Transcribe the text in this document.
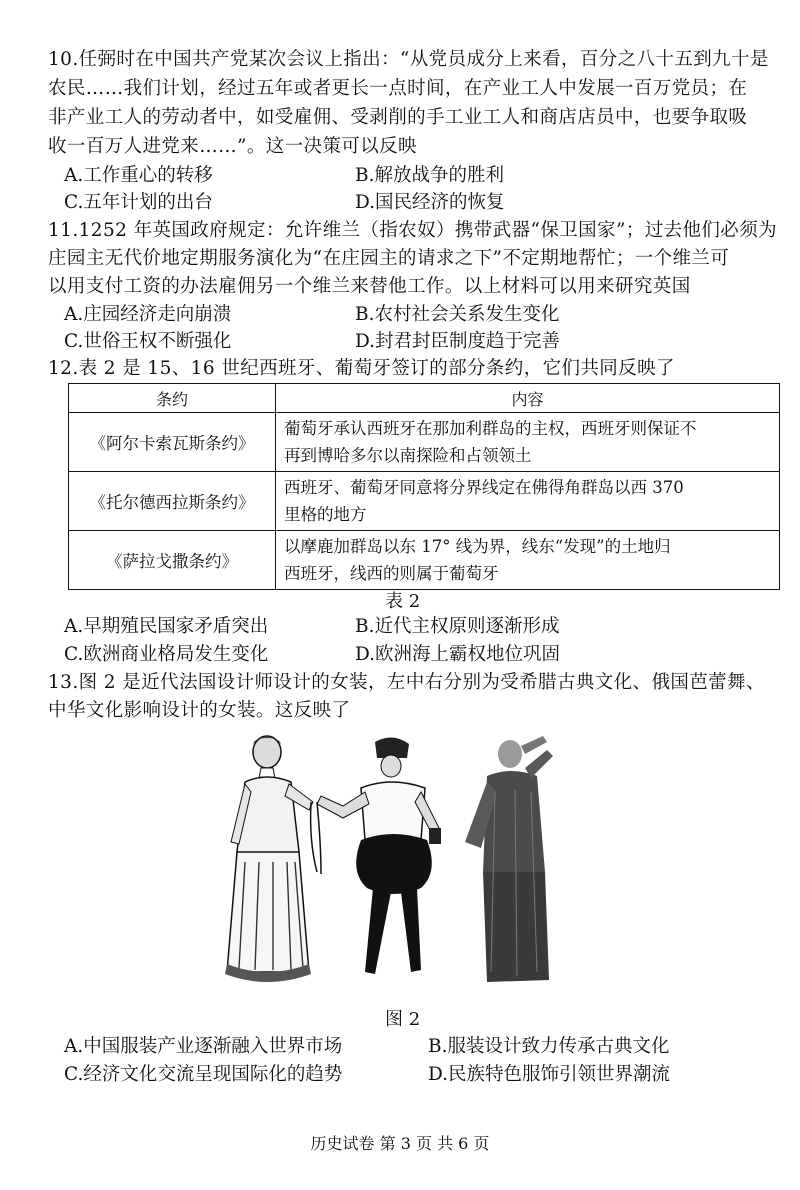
10.任弼时在中国共产党某次会议上指出：“从党员成分上来看，百分之八十五到九十是
农民……我们计划，经过五年或者更长一点时间，在产业工人中发展一百万党员；在
非产业工人的劳动者中，如受雇佣、受剥削的手工业工人和商店店员中，也要争取吸
收一百万人进党来……”。这一决策可以反映
A.工作重心的转移	B.解放战争的胜利
C.五年计划的出台	D.国民经济的恢复
11.1252 年英国政府规定：允许维兰（指农奴）携带武器“保卫国家”；过去他们必须为
庄园主无代价地定期服务演化为“在庄园主的请求之下”不定期地帮忙；一个维兰可
以用支付工资的办法雇佣另一个维兰来替他工作。以上材料可以用来研究英国
A.庄园经济走向崩溃	B.农村社会关系发生变化
C.世俗王权不断强化	D.封君封臣制度趋于完善
12.表 2 是 15、16 世纪西班牙、葡萄牙签订的部分条约，它们共同反映了
条约	内容
《阿尔卡索瓦斯条约》	葡萄牙承认西班牙在那加利群岛的主权，西班牙则保证不
再到博哈多尔以南探险和占领领土

《托尔德西拉斯条约》	西班牙、葡萄牙同意将分界线定在佛得角群岛以西 370
里格的地方

《萨拉戈撒条约》	以摩鹿加群岛以东 17° 线为界，线东“发现”的土地归
西班牙，线西的则属于葡萄牙
表 2
A.早期殖民国家矛盾突出	B.近代主权原则逐渐形成
C.欧洲商业格局发生变化	D.欧洲海上霸权地位巩固
13.图 2 是近代法国设计师设计的女装，左中右分别为受希腊古典文化、俄国芭蕾舞、
中华文化影响设计的女装。这反映了
图 2
A.中国服装产业逐渐融入世界市场	B.服装设计致力传承古典文化
C.经济文化交流呈现国际化的趋势	D.民族特色服饰引领世界潮流
历史试卷 第 3 页 共 6 页
